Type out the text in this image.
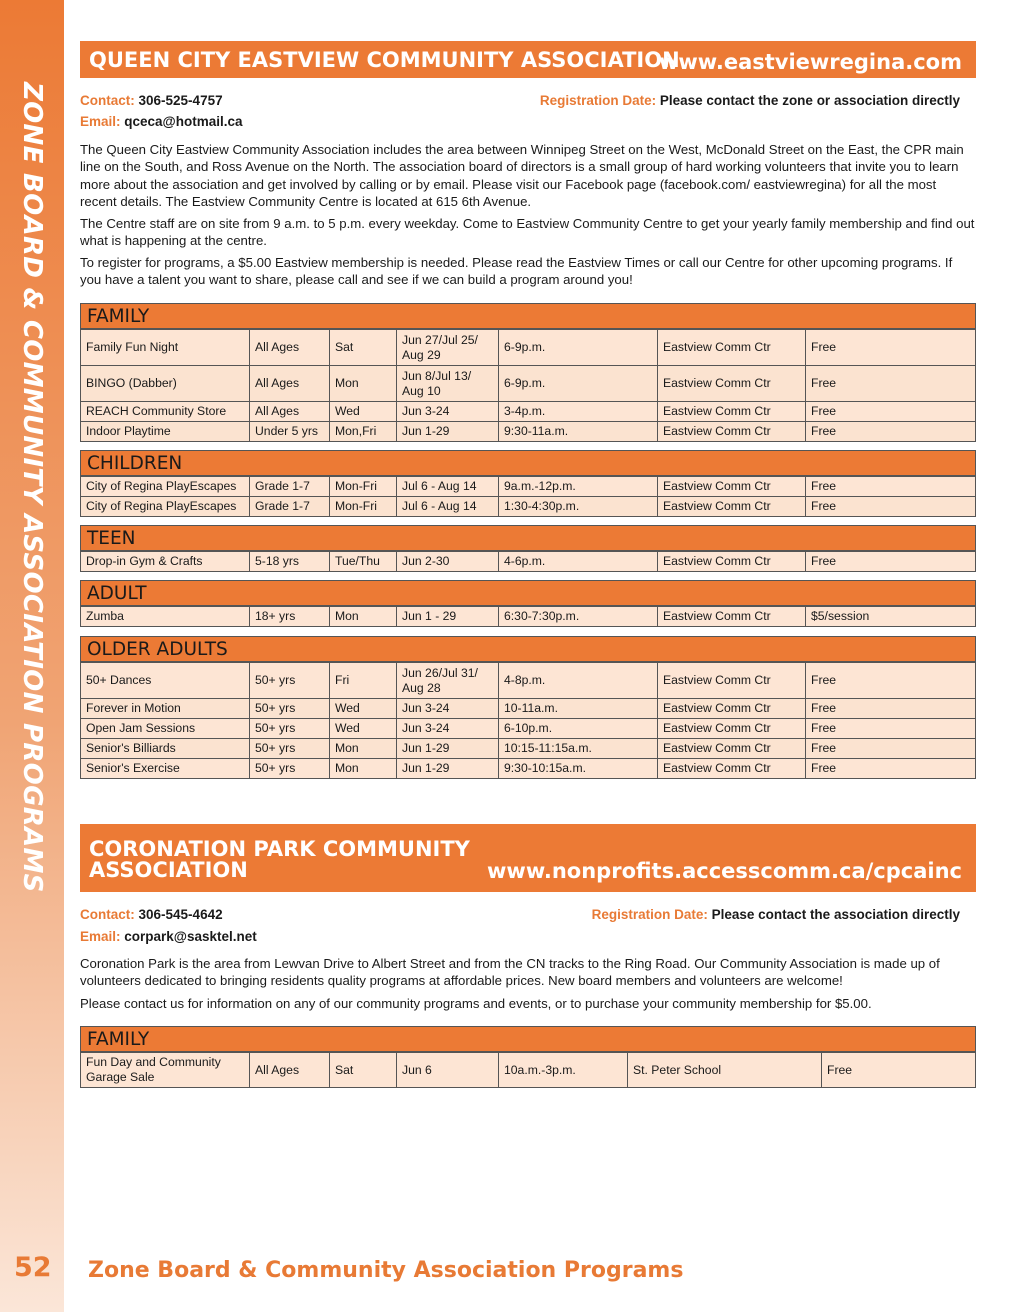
ZONE BOARD & COMMUNITY ASSOCIATION PROGRAMS
QUEEN CITY EASTVIEW COMMUNITY ASSOCIATION
www.eastviewregina.com
Contact: 306-525-4757	Registration Date: Please contact the zone or association directly
Email: qceca@hotmail.ca

The Queen City Eastview Community Association includes the area between Winnipeg Street on the West, McDonald Street on the East, the CPR main line on the South, and Ross Avenue on the North. The association board of directors is a small group of hard working volunteers that invite you to learn more about the association and get involved by calling or by email. Please visit our Facebook page (facebook.com/ eastviewregina) for all the most recent details. The Eastview Community Centre is located at 615 6th Avenue.

The Centre staff are on site from 9 a.m. to 5 p.m. every weekday. Come to Eastview Community Centre to get your yearly family membership and find out what is happening at the centre.

To register for programs, a $5.00 Eastview membership is needed. Please read the Eastview Times or call our Centre for other upcoming programs. If you have a talent you want to share, please call and see if we can build a program around you!

FAMILY
Family Fun Night	All Ages	Sat	Jun 27/Jul 25/ Aug 29	6-9p.m.	Eastview Comm Ctr	Free
BINGO (Dabber)	All Ages	Mon	Jun 8/Jul 13/ Aug 10	6-9p.m.	Eastview Comm Ctr	Free
REACH Community Store	All Ages	Wed	Jun 3-24	3-4p.m.	Eastview Comm Ctr	Free
Indoor Playtime	Under 5 yrs	Mon,Fri	Jun 1-29	9:30-11a.m.	Eastview Comm Ctr	Free
CHILDREN
City of Regina PlayEscapes	Grade 1-7	Mon-Fri	Jul 6 - Aug 14	9a.m.-12p.m.	Eastview Comm Ctr	Free
City of Regina PlayEscapes	Grade 1-7	Mon-Fri	Jul 6 - Aug 14	1:30-4:30p.m.	Eastview Comm Ctr	Free
TEEN
Drop-in Gym & Crafts	5-18 yrs	Tue/Thu	Jun 2-30	4-6p.m.	Eastview Comm Ctr	Free
ADULT
Zumba	18+ yrs	Mon	Jun 1 - 29	6:30-7:30p.m.	Eastview Comm Ctr	$5/session
OLDER ADULTS
50+ Dances	50+ yrs	Fri	Jun 26/Jul 31/ Aug 28	4-8p.m.	Eastview Comm Ctr	Free
Forever in Motion	50+ yrs	Wed	Jun 3-24	10-11a.m.	Eastview Comm Ctr	Free
Open Jam Sessions	50+ yrs	Wed	Jun 3-24	6-10p.m.	Eastview Comm Ctr	Free
Senior's Billiards	50+ yrs	Mon	Jun 1-29	10:15-11:15a.m.	Eastview Comm Ctr	Free
Senior's Exercise	50+ yrs	Mon	Jun 1-29	9:30-10:15a.m.	Eastview Comm Ctr	Free
CORONATION PARK COMMUNITY
ASSOCIATION	www.nonprofits.accesscomm.ca/cpcainc
Contact: 306-545-4642	Registration Date: Please contact the association directly
Email: corpark@sasktel.net

Coronation Park is the area from Lewvan Drive to Albert Street and from the CN tracks to the Ring Road. Our Community Association is made up of volunteers dedicated to bringing residents quality programs at affordable prices. New board members and volunteers are welcome!

Please contact us for information on any of our community programs and events, or to purchase your community membership for $5.00.

FAMILY
Fun Day and Community Garage Sale	All Ages	Sat	Jun 6	10a.m.-3p.m.	St. Peter School	Free
52 Zone Board & Community Association Programs
